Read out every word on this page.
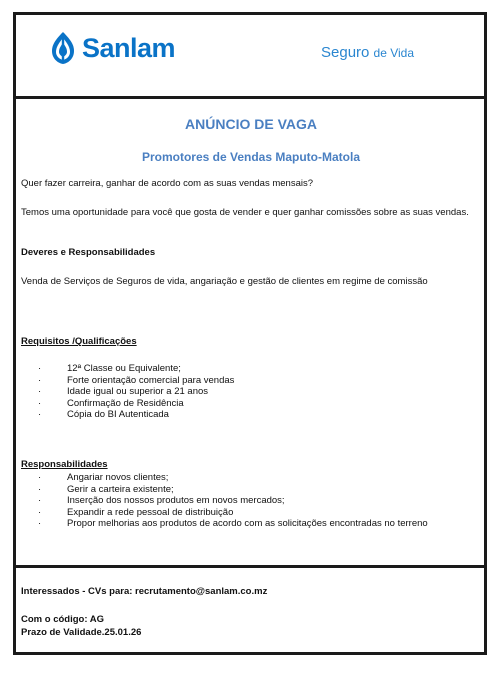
Sanlam	Seguro de Vida
ANÚNCIO DE VAGA
Promotores de Vendas Maputo-Matola
Quer fazer carreira, ganhar de acordo com as suas vendas mensais?
Temos uma oportunidade para você que gosta de vender e quer ganhar comissões sobre as suas vendas.
Deveres e Responsabilidades
Venda de Serviços de Seguros de vida, angariação e gestão de clientes em regime de comissão
Requisitos /Qualificações
·	12ª Classe ou Equivalente;
·	Forte orientação comercial para vendas
·	Idade igual ou superior a 21 anos
·	Confirmação de Residência
·	Cópia do BI Autenticada
Responsabilidades
·	Angariar novos clientes;
·	Gerir a carteira existente;
·	Inserção dos nossos produtos em novos mercados;
·	Expandir a rede pessoal de distribuição
·	Propor melhorias aos produtos de acordo com as solicitações encontradas no terreno
Interessados - CVs para: recrutamento@sanlam.co.mz
Com o código: AG
Prazo de Validade.25.01.26
